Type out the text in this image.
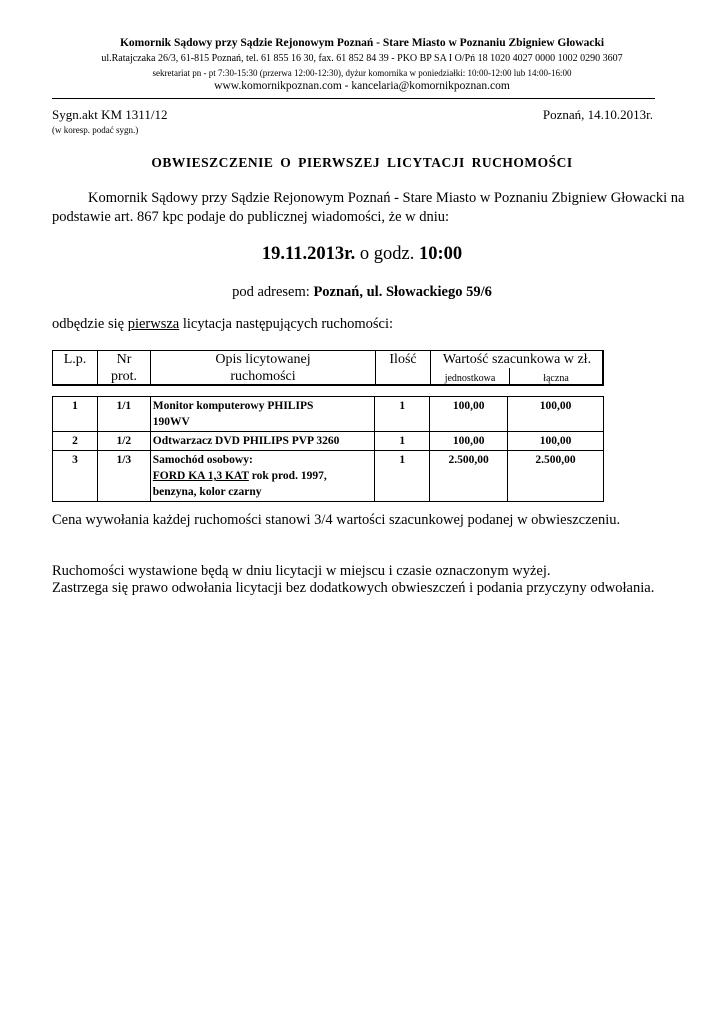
Komornik Sądowy przy Sądzie Rejonowym Poznań - Stare Miasto w Poznaniu Zbigniew Głowacki
ul.Ratajczaka 26/3, 61-815 Poznań, tel. 61 855 16 30, fax. 61 852 84 39 - PKO BP SA I O/Pń 18 1020 4027 0000 1002 0290 3607
sekretariat pn - pt 7:30-15:30 (przerwa 12:00-12:30), dyżur komornika w poniedziałki: 10:00-12:00 lub 14:00-16:00
www.komornikpoznan.com - kancelaria@komornikpoznan.com
Sygn.akt KM 1311/12	Poznań, 14.10.2013r.
(w koresp. podać sygn.)
OBWIESZCZENIE O PIERWSZEJ LICYTACJI RUCHOMOŚCI
Komornik Sądowy przy Sądzie Rejonowym Poznań - Stare Miasto w Poznaniu Zbigniew Głowacki na podstawie art. 867 kpc podaje do publicznej wiadomości, że w dniu:
19.11.2013r. o godz. 10:00
pod adresem: Poznań, ul. Słowackiego 59/6
odbędzie się pierwsza licytacja następujących ruchomości:
L.p.	Nr
prot.
Opis licytowanej
ruchomości
Ilość	Wartość szacunkowa w zł.
jednostkowa	łączna
1	1/1	Monitor komputerowy PHILIPS
190WV	1	100,00	100,00
2	1/2	Odtwarzacz DVD PHILIPS PVP 3260	1	100,00	100,00
3	1/3	Samochód osobowy:
FORD KA 1,3 KAT rok prod. 1997,
benzyna, kolor czarny	1	2.500,00	2.500,00
Cena wywołania każdej ruchomości stanowi 3/4 wartości szacunkowej podanej w obwieszczeniu.
Ruchomości wystawione będą w dniu licytacji w miejscu i czasie oznaczonym wyżej.
Zastrzega się prawo odwołania licytacji bez dodatkowych obwieszczeń i podania przyczyny odwołania.
